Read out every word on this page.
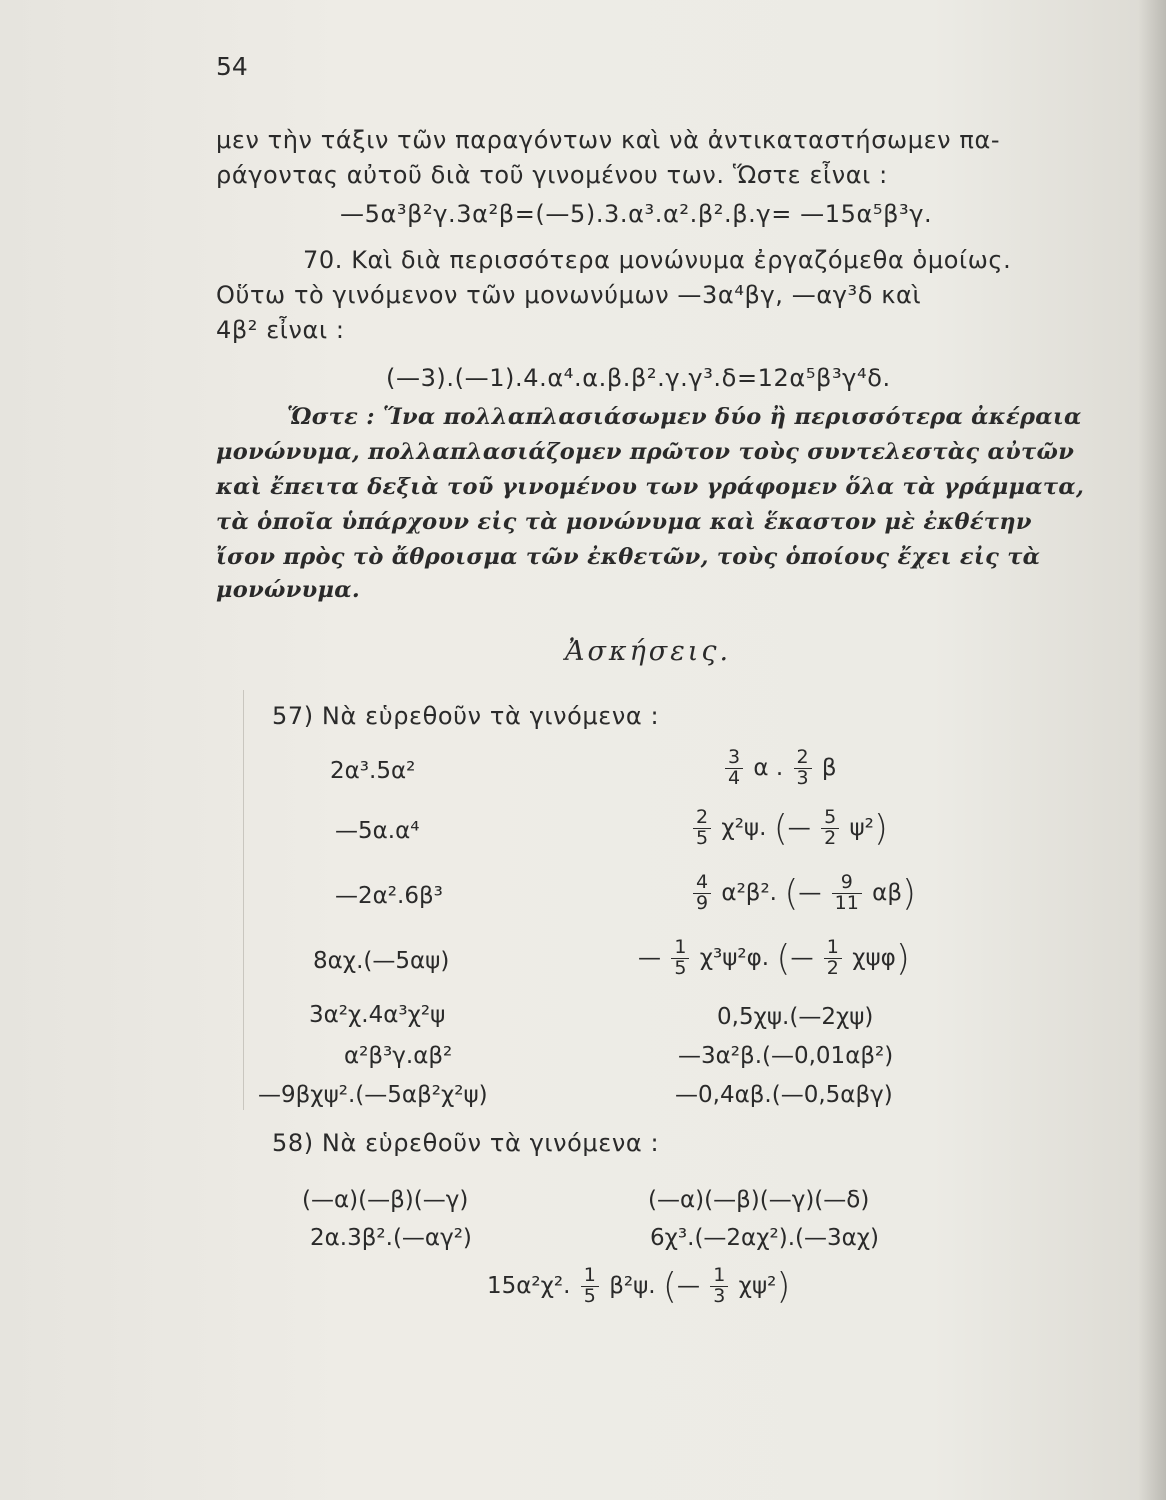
54
μεν τὴν τάξιν τῶν παραγόντων καὶ νὰ ἀντικαταστήσωμεν πα-
ράγοντας αὐτοῦ διὰ τοῦ γινομένου των. Ὥστε εἶναι :
—5α³β²γ.3α²β=(—5).3.α³.α².β².β.γ= —15α⁵β³γ.
70. Καὶ διὰ περισσότερα μονώνυμα ἐργαζόμεθα ὁμοίως.
Οὕτω τὸ γινόμενον τῶν μονωνύμων —3α⁴βγ, —αγ³δ καὶ
4β² εἶναι :
(—3).(—1).4.α⁴.α.β.β².γ.γ³.δ=12α⁵β³γ⁴δ.
Ὥστε : Ἵνα πολλαπλασιάσωμεν δύο ἢ περισσότερα ἀκέραια
μονώνυμα, πολλαπλασιάζομεν πρῶτον τοὺς συντελεστὰς αὐτῶν
καὶ ἔπειτα δεξιὰ τοῦ γινομένου των γράφομεν ὅλα τὰ γράμματα,
τὰ ὁποῖα ὑπάρχουν εἰς τὰ μονώνυμα καὶ ἕκαστον μὲ ἐκθέτην
ἴσον πρὸς τὸ ἄθροισμα τῶν ἐκθετῶν, τοὺς ὁποίους ἔχει εἰς τὰ
μονώνυμα.
Ἀσκήσεις.
57) Νὰ εὑρεθοῦν τὰ γινόμενα :
2α³.5α²
—5α.α⁴
—2α².6β³
8αχ.(—5αψ)
3α²χ.4α³χ²ψ
α²β³γ.αβ²
—9βχψ².(—5αβ²χ²ψ)
$\frac{3}{4}$ α . $\frac{2}{3}$ β
$\frac{2}{5} \chi^2\psi$. (— $\frac{5}{2} \psi^2$)
$\frac{4}{9} \alpha^2\beta^2$. (— $\frac{9}{11} \alpha\beta$)
— $\frac{1}{5} \chi^3\psi^2\varphi$. (— $\frac{1}{2} \chi\psi\varphi$)
0,5χψ.(—2χψ)
—3α²β.(—0,01αβ²)
—0,4αβ.(—0,5αβγ)
58) Νὰ εὑρεθοῦν τὰ γινόμενα :
(—α)(—β)(—γ)	(—α)(—β)(—γ)(—δ)
2α.3β².(—αγ²)	6χ³.(—2αχ²).(—3αχ)
15α²χ². $\frac{1}{5} \beta^2\psi$. (— $\frac{1}{3} \chi\psi^2$)
